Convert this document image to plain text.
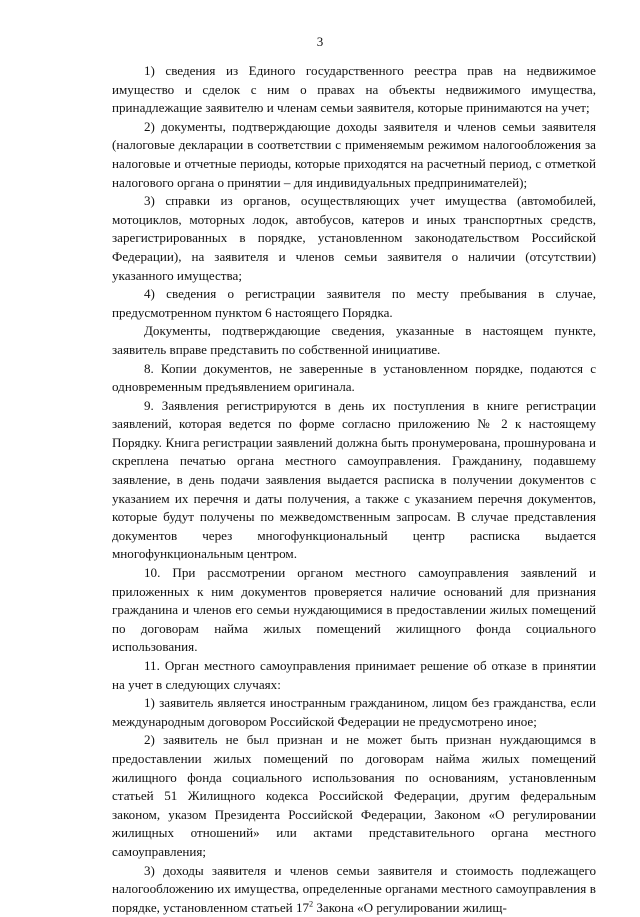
3

1) сведения из Единого государственного реестра прав на недвижимое имущество и сделок с ним о правах на объекты недвижимого имущества, принадлежащие заявителю и членам семьи заявителя, которые принимаются на учет;

2) документы, подтверждающие доходы заявителя и членов семьи заявителя (налоговые декларации в соответствии с применяемым режимом налогообложения за налоговые и отчетные периоды, которые приходятся на расчетный период, с отметкой налогового органа о принятии – для индивидуальных предпринимателей);

3) справки из органов, осуществляющих учет имущества (автомобилей, мотоциклов, моторных лодок, автобусов, катеров и иных транспортных средств, зарегистрированных в порядке, установленном законодательством Российской Федерации), на заявителя и членов семьи заявителя о наличии (отсутствии) указанного имущества;

4) сведения о регистрации заявителя по месту пребывания в случае, предусмотренном пунктом 6 настоящего Порядка.

Документы, подтверждающие сведения, указанные в настоящем пункте, заявитель вправе представить по собственной инициативе.

8. Копии документов, не заверенные в установленном порядке, подаются с одновременным предъявлением оригинала.

9. Заявления регистрируются в день их поступления в книге регистрации заявлений, которая ведется по форме согласно приложению № 2 к настоящему Порядку. Книга регистрации заявлений должна быть пронумерована, прошнурована и скреплена печатью органа местного самоуправления. Гражданину, подавшему заявление, в день подачи заявления выдается расписка в получении документов с указанием их перечня и даты получения, а также с указанием перечня документов, которые будут получены по межведомственным запросам. В случае представления документов через многофункциональный центр расписка выдается многофункциональным центром.

10. При рассмотрении органом местного самоуправления заявлений и приложенных к ним документов проверяется наличие оснований для признания гражданина и членов его семьи нуждающимися в предоставлении жилых помещений по договорам найма жилых помещений жилищного фонда социального использования.

11. Орган местного самоуправления принимает решение об отказе в принятии на учет в следующих случаях:

1) заявитель является иностранным гражданином, лицом без гражданства, если международным договором Российской Федерации не предусмотрено иное;

2) заявитель не был признан и не может быть признан нуждающимся в предоставлении жилых помещений по договорам найма жилых помещений жилищного фонда социального использования по основаниям, установленным статьей 51 Жилищного кодекса Российской Федерации, другим федеральным законом, указом Президента Российской Федерации, Законом «О регулировании жилищных отношений» или актами представительного органа местного самоуправления;

3) доходы заявителя и членов семьи заявителя и стоимость подлежащего налогообложению их имущества, определенные органами местного самоуправления в порядке, установленном статьей $17^2$ Закона «О регулировании жилищ-
